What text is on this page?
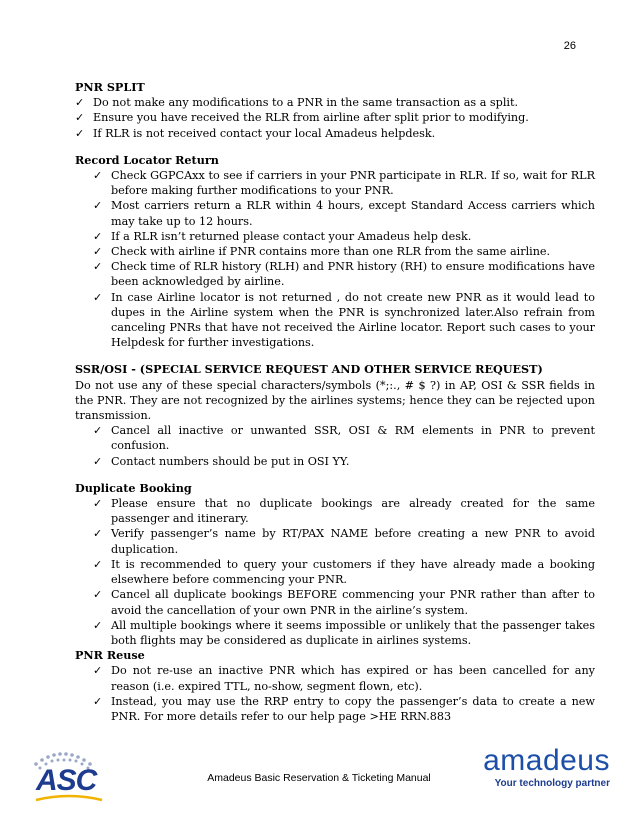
26

PNR SPLIT

✓ Do not make any modifications to a PNR in the same transaction as a split.
✓ Ensure you have received the RLR from airline after split prior to modifying.
✓ If RLR is not received contact your local Amadeus helpdesk.

Record Locator Return

✓ Check GGPCAxx to see if carriers in your PNR participate in RLR. If so, wait for RLR before making further modifications to your PNR.
✓ Most carriers return a RLR within 4 hours, except Standard Access carriers which may take up to 12 hours.
✓ If a RLR isn’t returned please contact your Amadeus help desk.
✓ Check with airline if PNR contains more than one RLR from the same airline.
✓ Check time of RLR history (RLH) and PNR history (RH) to ensure modifications have been acknowledged by airline.
✓ In case Airline locator is not returned , do not create new PNR as it would lead to dupes in the Airline system when the PNR is synchronized later.Also refrain from canceling PNRs that have not received the Airline locator. Report such cases to your Helpdesk for further investigations.

SSR/OSI - (SPECIAL SERVICE REQUEST AND OTHER SERVICE REQUEST)

Do not use any of these special characters/symbols (*;:., # $ ?) in AP, OSI & SSR fields in the PNR. They are not recognized by the airlines systems; hence they can be rejected upon transmission.

✓ Cancel all inactive or unwanted SSR, OSI & RM elements in PNR to prevent confusion.
✓ Contact numbers should be put in OSI YY.

Duplicate Booking

✓ Please ensure that no duplicate bookings are already created for the same passenger and itinerary.
✓ Verify passenger’s name by RT/PAX NAME before creating a new PNR to avoid duplication.
✓ It is recommended to query your customers if they have already made a booking elsewhere before commencing your PNR.
✓ Cancel all duplicate bookings BEFORE commencing your PNR rather than after to avoid the cancellation of your own PNR in the airline’s system.
✓ All multiple bookings where it seems impossible or unlikely that the passenger takes both flights may be considered as duplicate in airlines systems.

PNR Reuse

✓ Do not re-use an inactive PNR which has expired or has been cancelled for any reason (i.e. expired TTL, no-show, segment flown, etc).
✓ Instead, you may use the RRP entry to copy the passenger’s data to create a new PNR. For more details refer to our help page >HE RRN.883
ASC	Amadeus Basic Reservation & Ticketing Manual
amadeus
Your technology partner
